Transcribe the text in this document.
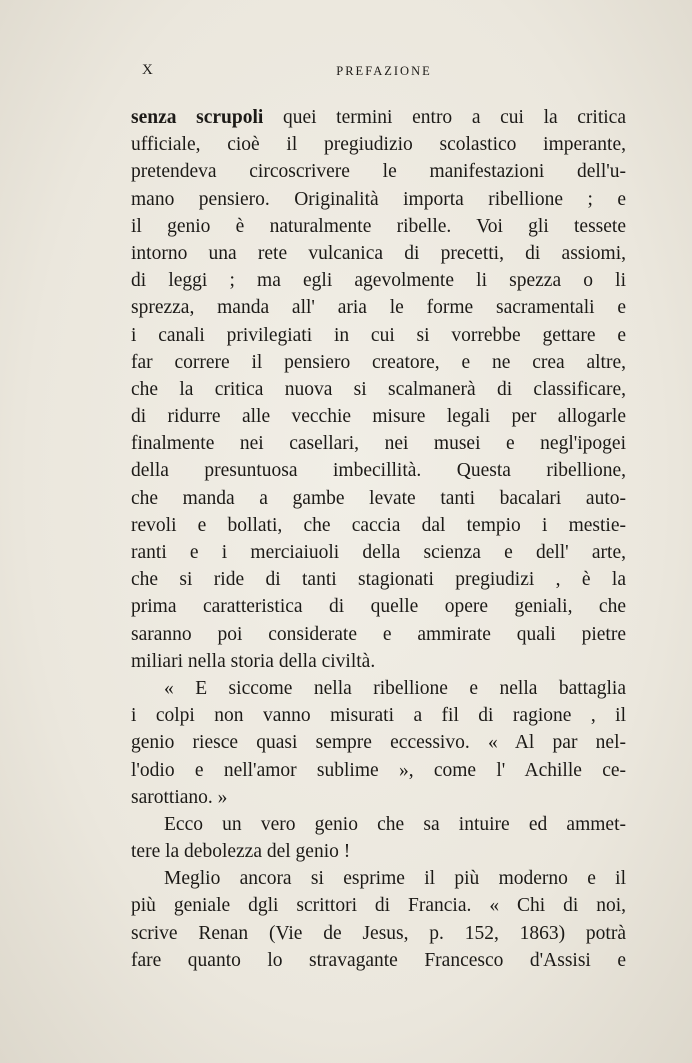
X	PREFAZIONE
senza scrupoli quei termini entro a cui la critica
ufficiale, cioè il pregiudizio scolastico imperante,
pretendeva circoscrivere le manifestazioni dell'u-
mano pensiero. Originalità importa ribellione ; e
il genio è naturalmente ribelle. Voi gli tessete
intorno una rete vulcanica di precetti, di assiomi,
di leggi ; ma egli agevolmente li spezza o li
sprezza, manda all' aria le forme sacramentali e
i canali privilegiati in cui si vorrebbe gettare e
far correre il pensiero creatore, e ne crea altre,
che la critica nuova si scalmanerà di classificare,
di ridurre alle vecchie misure legali per allogarle
finalmente nei casellari, nei musei e negl'ipogei
della presuntuosa imbecillità. Questa ribellione,
che manda a gambe levate tanti bacalari auto-
revoli e bollati, che caccia dal tempio i mestie-
ranti e i merciaiuoli della scienza e dell' arte,
che si ride di tanti stagionati pregiudizi , è la
prima caratteristica di quelle opere geniali, che
saranno poi considerate e ammirate quali pietre
miliari nella storia della civiltà.
« E siccome nella ribellione e nella battaglia
i colpi non vanno misurati a fil di ragione , il
genio riesce quasi sempre eccessivo. « Al par nel-
l'odio e nell'amor sublime », come l' Achille ce-
sarottiano. »
Ecco un vero genio che sa intuire ed ammet-
tere la debolezza del genio !
Meglio ancora si esprime il più moderno e il
più geniale dgli scrittori di Francia. « Chi di noi,
scrive Renan (Vie de Jesus, p. 152, 1863) potrà
fare quanto lo stravagante Francesco d'Assisi e
